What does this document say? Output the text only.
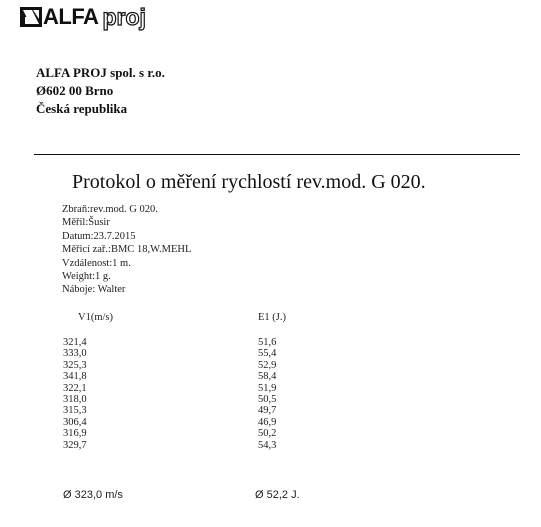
ALFA proj
ALFA PROJ spol. s r.o.
Ø602 00 Brno
Česká republika
Protokol o měření rychlostí rev.mod. G 020.
Zbraň:rev.mod. G 020.
Měřil:Šusir
Datum:23.7.2015
Měřicí zař.:BMC 18,W.MEHL
Vzdálenost:1 m.
Weight:1 g.
Náboje: Walter
V1(m/s)	E1 (J.)
321,4
333,0
325,3
341,8
322,1
318,0
315,3
306,4
316,9
329,7
51,6
55,4
52,9
58,4
51,9
50,5
49,7
46,9
50,2
54,3
Ø 323,0 m/s	Ø 52,2 J.
